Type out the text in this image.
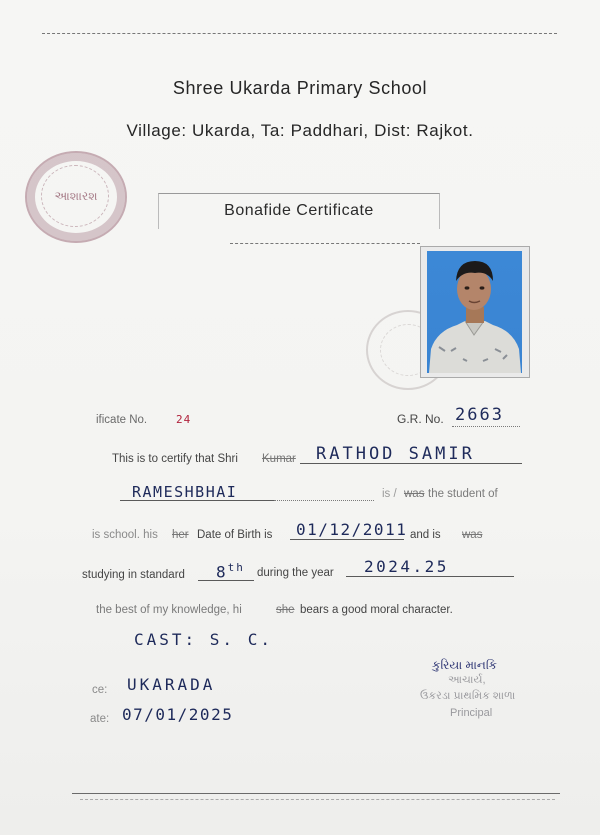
Shree Ukarda Primary School
Village: Ukarda, Ta: Paddhari, Dist: Rajkot.
આશારશ
Bonafide Certificate
ificate No.	24	G.R. No. 2663
This is to certify that Shri Kumar RATHOD SAMIR
RAMESHBHAI	is / was the student of
is school. his her Date of Birth is 01/12/2011 and is was
studying in standard 8th during the year 2024.25
the best of my knowledge, hi	she bears a good moral character.
CAST: S. C.
ce: UKARADA
ate: 07/01/2025
કુરિયા માનકિ
આચાર્ય,
ઉકરડા પ્રાથમિક શાળા
Principal
